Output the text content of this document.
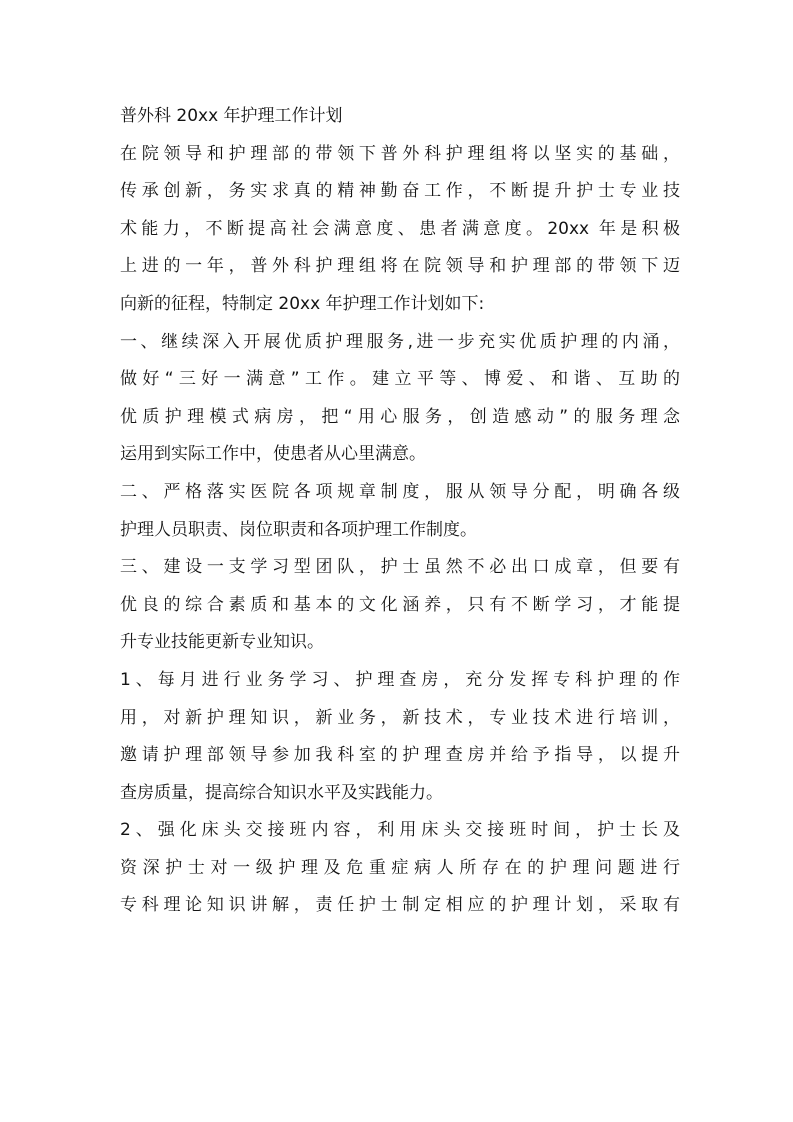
普外科 20xx 年护理工作计划
在院领导和护理部的带领下普外科护理组将以坚实的基础，
传承创新，务实求真的精神勤奋工作，不断提升护士专业技
术能力，不断提高社会满意度、患者满意度。20xx 年是积极
上进的一年，普外科护理组将在院领导和护理部的带领下迈
向新的征程，特制定 20xx 年护理工作计划如下:
一、继续深入开展优质护理服务,进一步充实优质护理的内涌，
做好“三好一满意”工作。建立平等、博爱、和谐、互助的
优质护理模式病房，把“用心服务，创造感动”的服务理念
运用到实际工作中，使患者从心里满意。
二、严格落实医院各项规章制度，服从领导分配，明确各级
护理人员职责、岗位职责和各项护理工作制度。
三、建设一支学习型团队，护士虽然不必出口成章，但要有
优良的综合素质和基本的文化涵养，只有不断学习，才能提
升专业技能更新专业知识。
1、每月进行业务学习、护理查房，充分发挥专科护理的作
用，对新护理知识，新业务，新技术，专业技术进行培训，
邀请护理部领导参加我科室的护理查房并给予指导，以提升
查房质量，提高综合知识水平及实践能力。
2、强化床头交接班内容，利用床头交接班时间，护士长及
资深护士对一级护理及危重症病人所存在的护理问题进行
专科理论知识讲解，责任护士制定相应的护理计划，采取有
